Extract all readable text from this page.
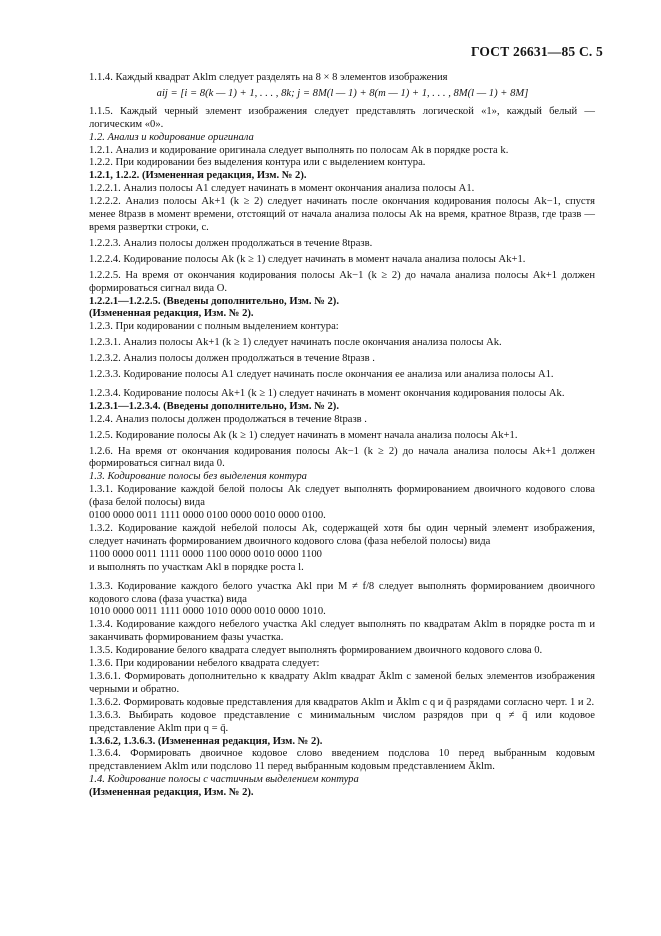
ГОСТ 26631—85 С. 5

1.1.4. Каждый квадрат Aklm следует разделять на 8 × 8 элементов изображения

aij = [i = 8(k — 1) + 1, . . . , 8k; j = 8M(l — 1) + 8(m — 1) + 1, . . . , 8M(l — 1) + 8M]

1.1.5. Каждый черный элемент изображения следует представлять логической «1», каждый белый — логическим «0».

1.2. Анализ и кодирование оригинала

1.2.1. Анализ и кодирование оригинала следует выполнять по полосам Ak в порядке роста k.

1.2.2. При кодировании без выделения контура или с выделением контура.

1.2.1, 1.2.2. (Измененная редакция, Изм. № 2).

1.2.2.1. Анализ полосы A1 следует начинать в момент окончания анализа полосы A1.

1.2.2.2. Анализ полосы Ak+1 (k ≥ 2) следует начинать после окончания кодирования полосы Ak−1, спустя менее 8tразв в момент времени, отстоящий от начала анализа полосы Ak на время, кратное 8tразв, где tразв — время развертки строки, с.

1.2.2.3. Анализ полосы должен продолжаться в течение 8tразв.

1.2.2.4. Кодирование полосы Ak (k ≥ 1) следует начинать в момент начала анализа полосы Ak+1.

1.2.2.5. На время от окончания кодирования полосы Ak−1 (k ≥ 2) до начала анализа полосы Ak+1 должен формироваться сигнал вида О.

1.2.2.1—1.2.2.5. (Введены дополнительно, Изм. № 2).

(Измененная редакция, Изм. № 2).

1.2.3. При кодировании с полным выделением контура:

1.2.3.1. Анализ полосы Ak+1 (k ≥ 1) следует начинать после окончания анализа полосы Ak.

1.2.3.2. Анализ полосы должен продолжаться в течение 8tразв .

1.2.3.3. Кодирование полосы A1 следует начинать после окончания ее анализа или анализа полосы A1.

1.2.3.4. Кодирование полосы Ak+1 (k ≥ 1) следует начинать в момент окончания кодирования полосы Ak.

1.2.3.1—1.2.3.4. (Введены дополнительно, Изм. № 2).

1.2.4. Анализ полосы должен продолжаться в течение 8tразв .

1.2.5. Кодирование полосы Ak (k ≥ 1) следует начинать в момент начала анализа полосы Ak+1.

1.2.6. На время от окончания кодирования полосы Ak−1 (k ≥ 2) до начала анализа полосы Ak+1 должен формироваться сигнал вида 0.

1.3. Кодирование полосы без выделения контура

1.3.1. Кодирование каждой белой полосы Ak следует выполнять формированием двоичного кодового слова (фаза белой полосы) вида

0100 0000 0011 1111 0000 0100 0000 0010 0000 0100.

1.3.2. Кодирование каждой небелой полосы Ak, содержащей хотя бы один черный элемент изображения, следует начинать формированием двоичного кодового слова (фаза небелой полосы) вида

1100 0000 0011 1111 0000 1100 0000 0010 0000 1100

и выполнять по участкам Akl в порядке роста l.

1.3.3. Кодирование каждого белого участка Akl при M ≠ f/8 следует выполнять формированием двоичного кодового слова (фаза участка) вида

1010 0000 0011 1111 0000 1010 0000 0010 0000 1010.

1.3.4. Кодирование каждого небелого участка Akl следует выполнять по квадратам Aklm в порядке роста m и заканчивать формированием фазы участка.

1.3.5. Кодирование белого квадрата следует выполнять формированием двоичного кодового слова 0.

1.3.6. При кодировании небелого квадрата следует:

1.3.6.1. Формировать дополнительно к квадрату Aklm квадрат Āklm с заменой белых элементов изображения черными и обратно.

1.3.6.2. Формировать кодовые представления для квадратов Aklm и Āklm с q и q̄ разрядами согласно черт. 1 и 2.

1.3.6.3. Выбирать кодовое представление с минимальным числом разрядов при q ≠ q̄ или кодовое представление Aklm при q = q̄.

1.3.6.2, 1.3.6.3. (Измененная редакция, Изм. № 2).

1.3.6.4. Формировать двоичное кодовое слово введением подслова 10 перед выбранным кодовым представлением Aklm или подслово 11 перед выбранным кодовым представлением Āklm.

1.4. Кодирование полосы с частичным выделением контура

(Измененная редакция, Изм. № 2).
